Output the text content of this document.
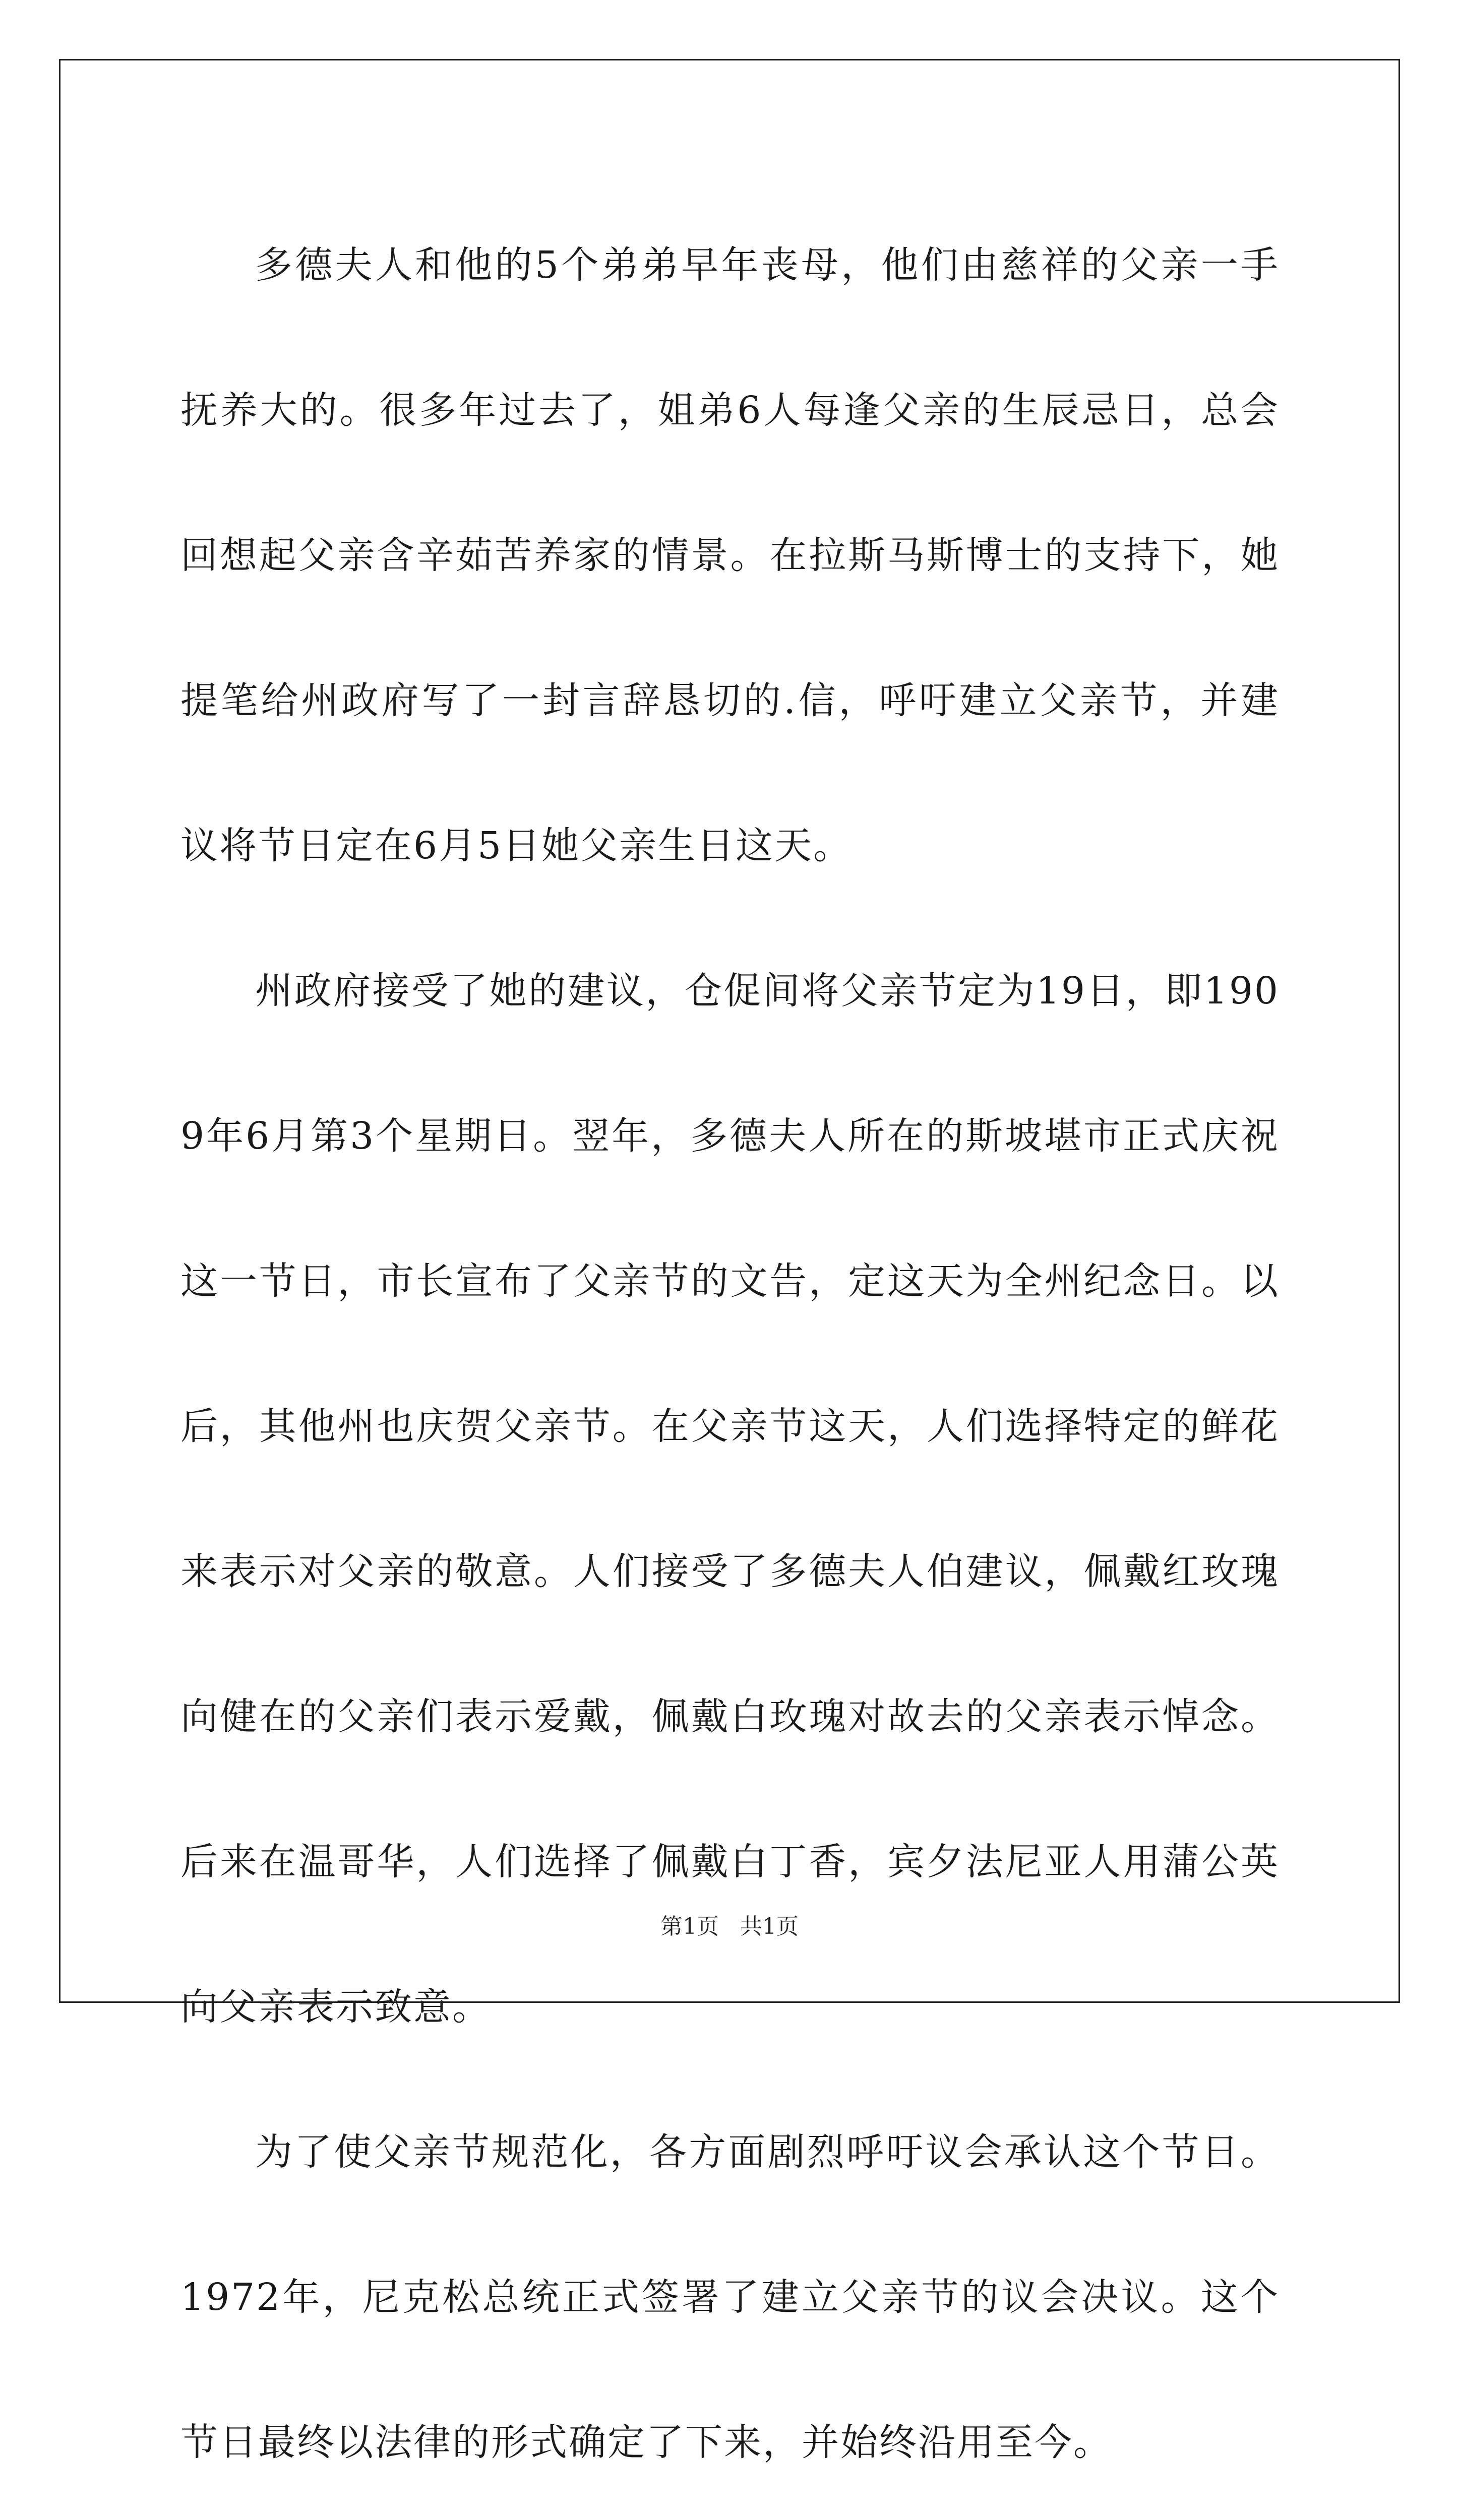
多德夫人和他的5个弟弟早年丧母，他们由慈祥的父亲一手抚养大的。很多年过去了，姐弟6人每逢父亲的生辰忌日，总会回想起父亲含辛茹苦养家的情景。在拉斯马斯博士的支持下，她提笔给州政府写了一封言辞恳切的.信，呼吁建立父亲节，并建议将节日定在6月5日她父亲生日这天。

州政府接受了她的建议，仓促间将父亲节定为19日，即1909年6月第3个星期日。翌年，多德夫人所在的斯坡堪市正式庆祝这一节日，市长宣布了父亲节的文告，定这天为全州纪念日。以后，其他州也庆贺父亲节。在父亲节这天，人们选择特定的鲜花来表示对父亲的敬意。人们接受了多德夫人伯建议，佩戴红玫瑰向健在的父亲们表示爱戴，佩戴白玫瑰对故去的父亲表示悼念。后来在温哥华，人们选择了佩戴白丁香，宾夕法尼亚人用蒲公英向父亲表示致意。

为了使父亲节规范化，各方面剧烈呼吁议会承认这个节日。1972年，尼克松总统正式签署了建立父亲节的议会决议。这个节日最终以法律的形式确定了下来，并始终沿用至今。

第1页   共1页
